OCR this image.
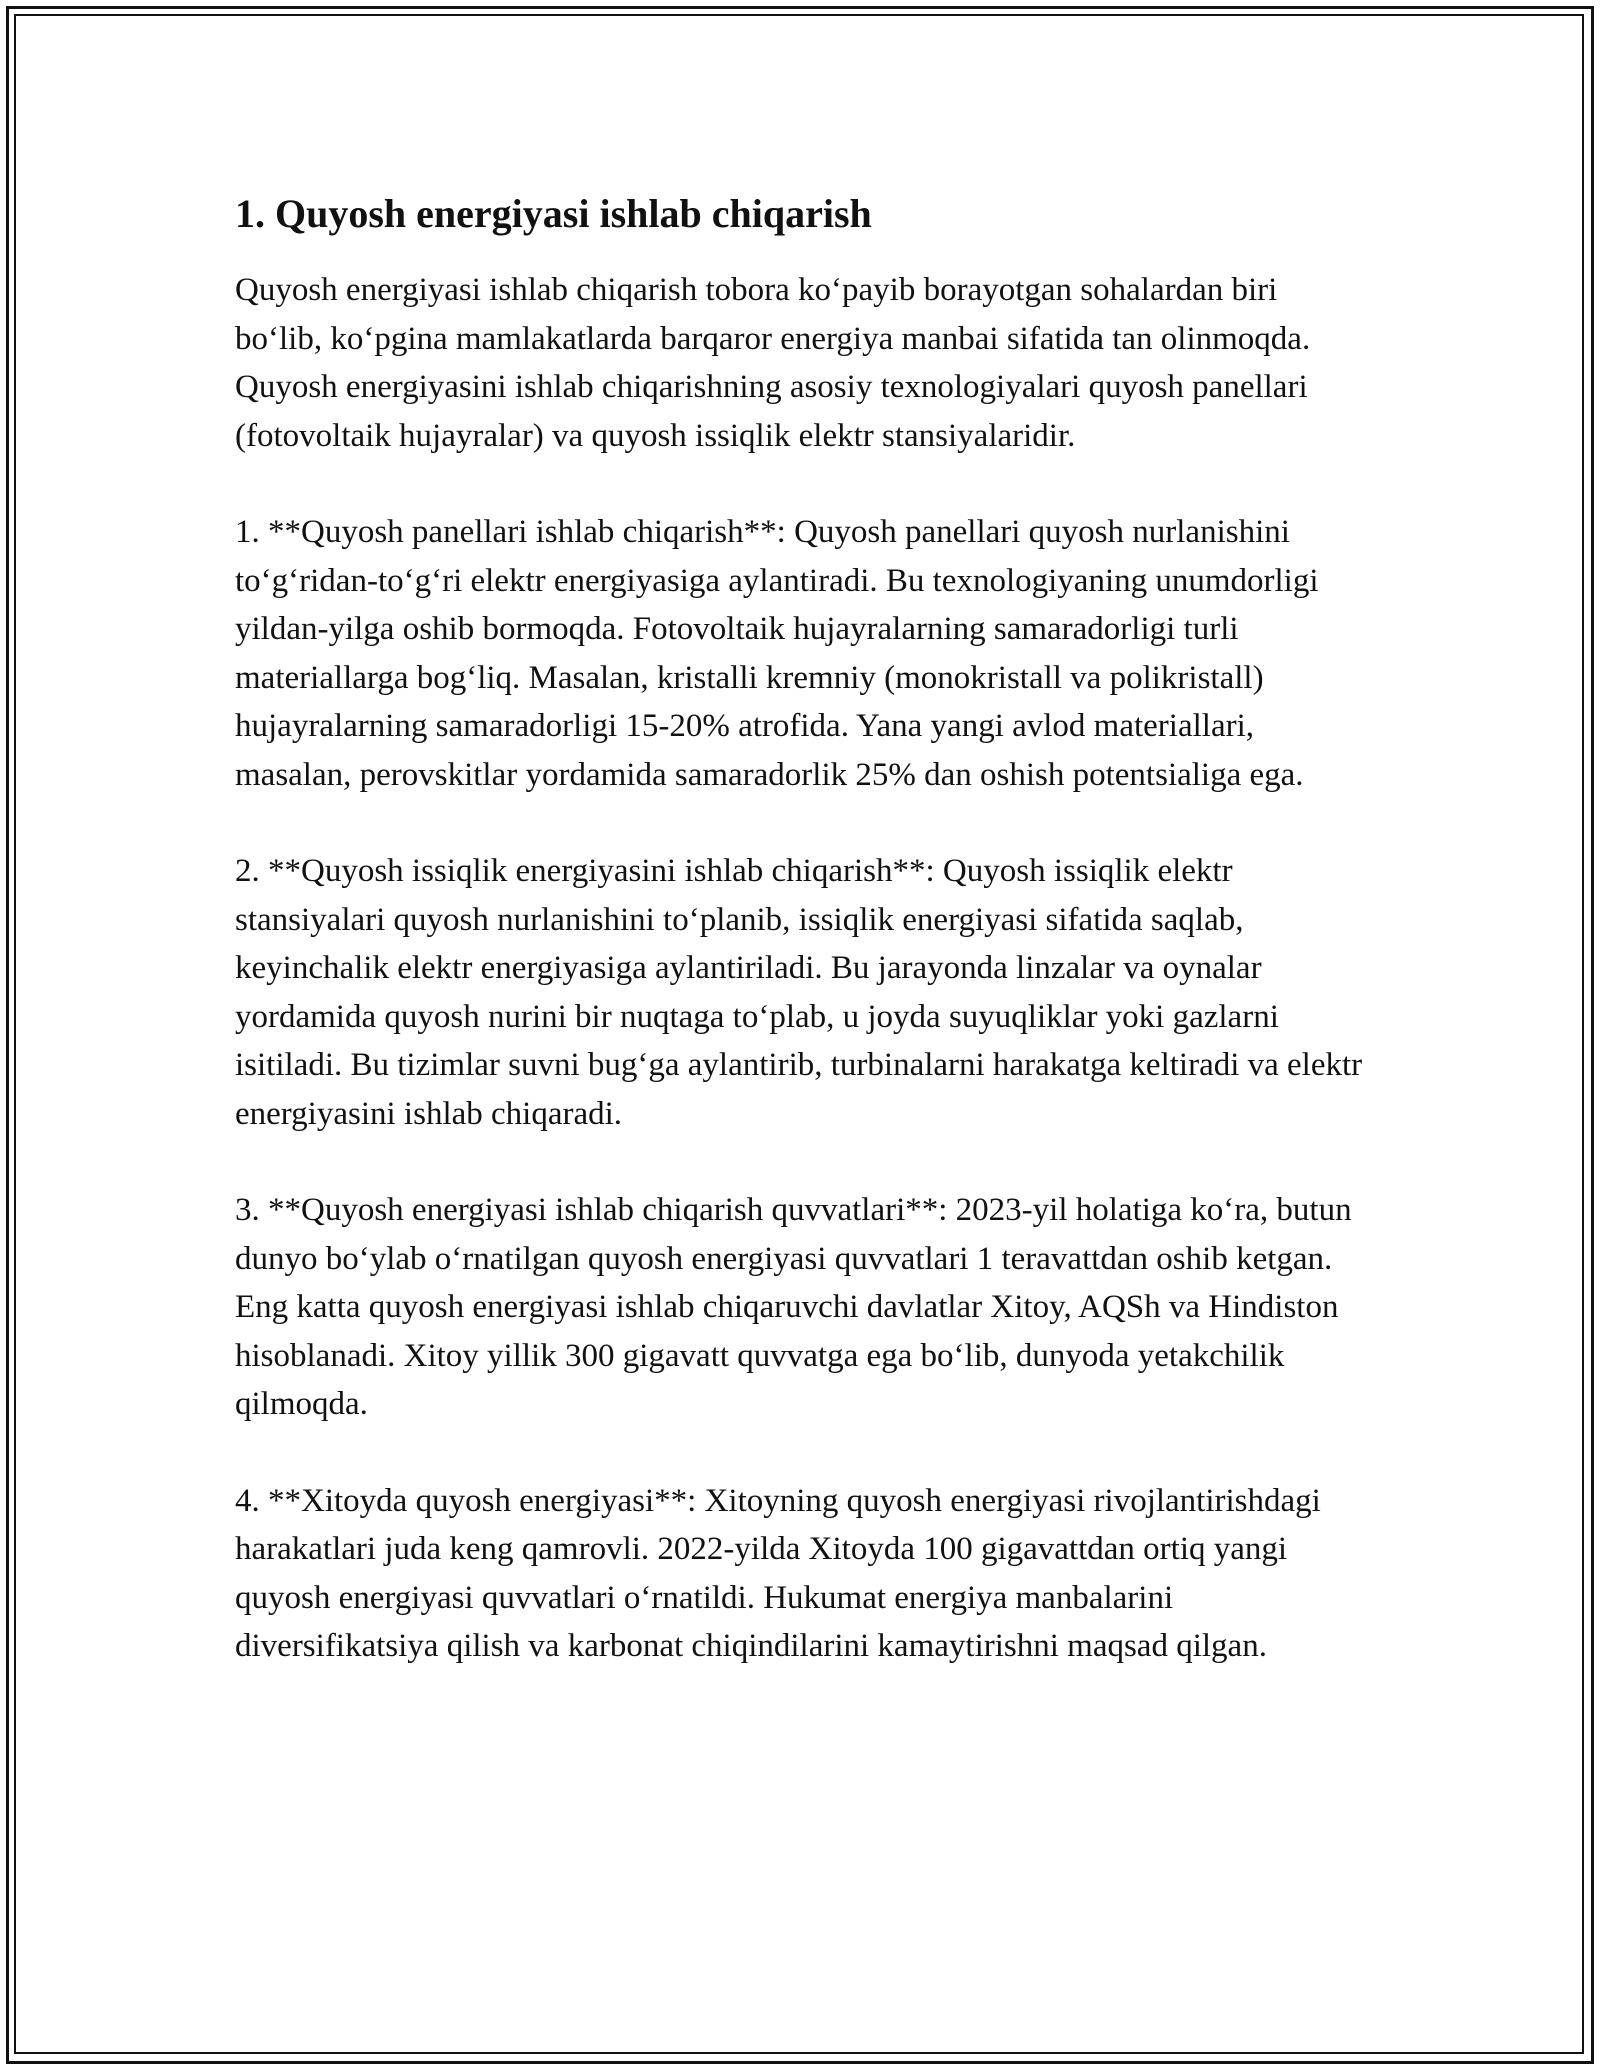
1. Quyosh energiyasi ishlab chiqarish

Quyosh energiyasi ishlab chiqarish tobora koʻpayib borayotgan sohalardan biri boʻlib, koʻpgina mamlakatlarda barqaror energiya manbai sifatida tan olinmoqda. Quyosh energiyasini ishlab chiqarishning asosiy texnologiyalari quyosh panellari (fotovoltaik hujayralar) va quyosh issiqlik elektr stansiyalaridir.

1. **Quyosh panellari ishlab chiqarish**: Quyosh panellari quyosh nurlanishini toʻgʻridan-toʻgʻri elektr energiyasiga aylantiradi. Bu texnologiyaning unumdorligi yildan-yilga oshib bormoqda. Fotovoltaik hujayralarning samaradorligi turli materiallarga bogʻliq. Masalan, kristalli kremniy (monokristall va polikristall) hujayralarning samaradorligi 15-20% atrofida. Yana yangi avlod materiallari, masalan, perovskitlar yordamida samaradorlik 25% dan oshish potentsialiga ega.

2. **Quyosh issiqlik energiyasini ishlab chiqarish**: Quyosh issiqlik elektr stansiyalari quyosh nurlanishini toʻplanib, issiqlik energiyasi sifatida saqlab, keyinchalik elektr energiyasiga aylantiriladi. Bu jarayonda linzalar va oynalar yordamida quyosh nurini bir nuqtaga toʻplab, u joyda suyuqliklar yoki gazlarni isitiladi. Bu tizimlar suvni bugʻga aylantirib, turbinalarni harakatga keltiradi va elektr energiyasini ishlab chiqaradi.

3. **Quyosh energiyasi ishlab chiqarish quvvatlari**: 2023-yil holatiga koʻra, butun dunyo boʻylab oʻrnatilgan quyosh energiyasi quvvatlari 1 teravattdan oshib ketgan. Eng katta quyosh energiyasi ishlab chiqaruvchi davlatlar Xitoy, AQSh va Hindiston hisoblanadi. Xitoy yillik 300 gigavatt quvvatga ega boʻlib, dunyoda yetakchilik qilmoqda.

4. **Xitoyda quyosh energiyasi**: Xitoyning quyosh energiyasi rivojlantirishdagi harakatlari juda keng qamrovli. 2022-yilda Xitoyda 100 gigavattdan ortiq yangi quyosh energiyasi quvvatlari oʻrnatildi. Hukumat energiya manbalarini diversifikatsiya qilish va karbonat chiqindilarini kamaytirishni maqsad qilgan.
